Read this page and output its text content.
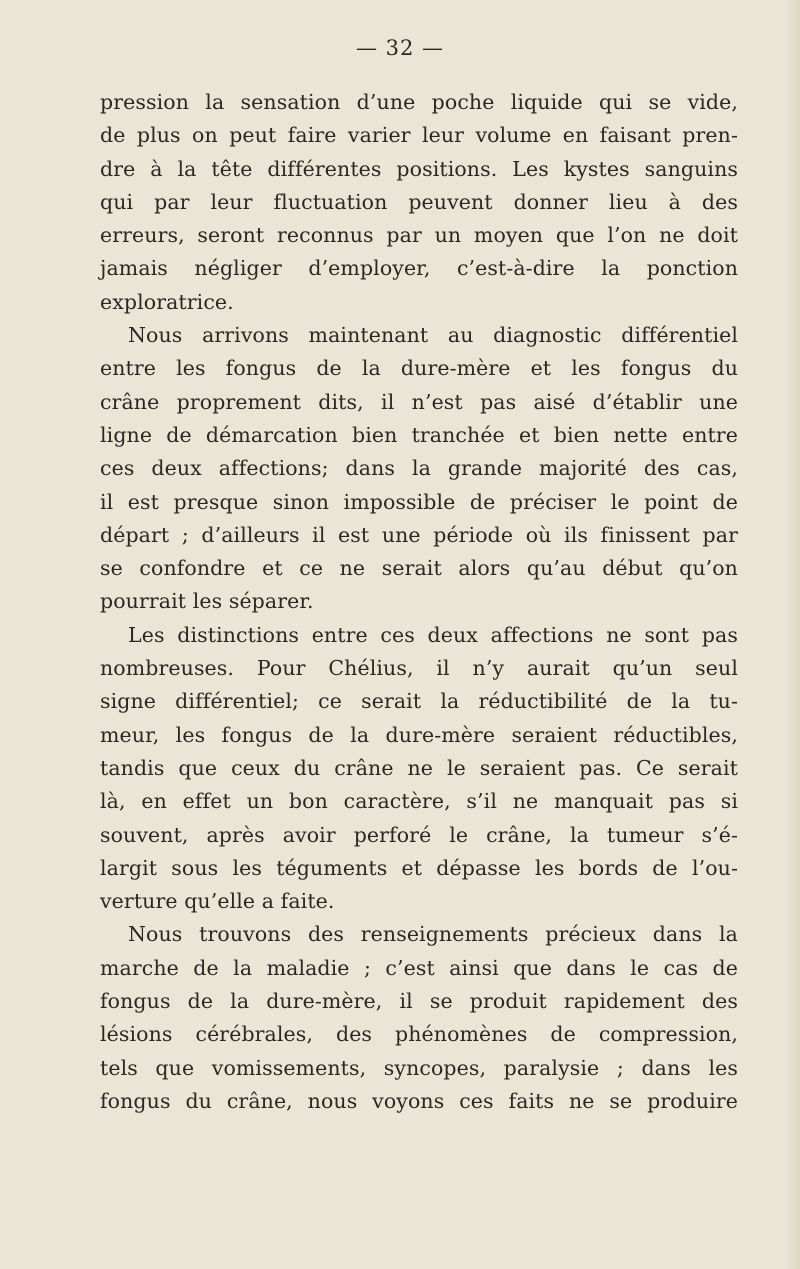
— 32 —
pression la sensation d’une poche liquide qui se vide,
de plus on peut faire varier leur volume en faisant pren-
dre à la tête différentes positions. Les kystes sanguins
qui par leur fluctuation peuvent donner lieu à des
erreurs, seront reconnus par un moyen que l’on ne doit
jamais négliger d’employer, c’est-à-dire la ponction
exploratrice.
Nous arrivons maintenant au diagnostic différentiel
entre les fongus de la dure-mère et les fongus du
crâne proprement dits, il n’est pas aisé d’établir une
ligne de démarcation bien tranchée et bien nette entre
ces deux affections; dans la grande majorité des cas,
il est presque sinon impossible de préciser le point de
départ ; d’ailleurs il est une période où ils finissent par
se confondre et ce ne serait alors qu’au début qu’on
pourrait les séparer.
Les distinctions entre ces deux affections ne sont pas
nombreuses. Pour Chélius, il n’y aurait qu’un seul
signe différentiel; ce serait la réductibilité de la tu-
meur, les fongus de la dure-mère seraient réductibles,
tandis que ceux du crâne ne le seraient pas. Ce serait
là, en effet un bon caractère, s’il ne manquait pas si
souvent, après avoir perforé le crâne, la tumeur s’é-
largit sous les téguments et dépasse les bords de l’ou-
verture qu’elle a faite.
Nous trouvons des renseignements précieux dans la
marche de la maladie ; c’est ainsi que dans le cas de
fongus de la dure-mère, il se produit rapidement des
lésions cérébrales, des phénomènes de compression,
tels que vomissements, syncopes, paralysie ; dans les
fongus du crâne, nous voyons ces faits ne se produire
